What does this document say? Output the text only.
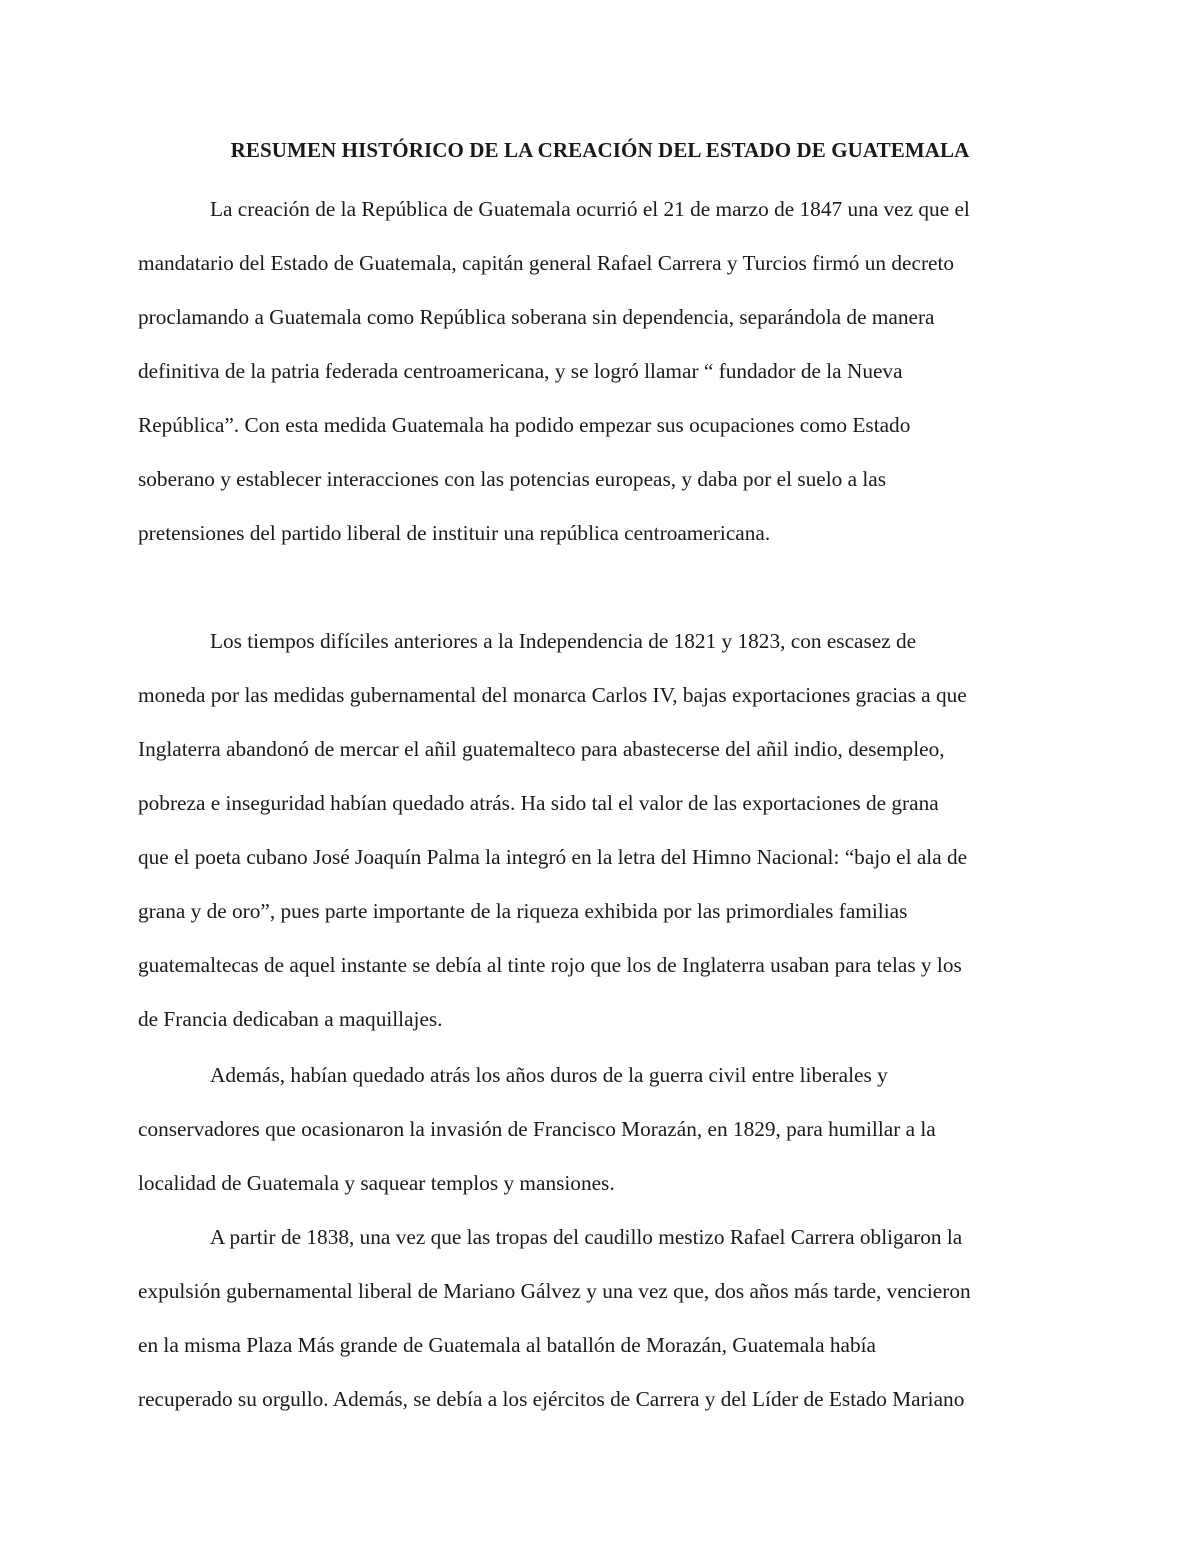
RESUMEN HISTÓRICO DE LA CREACIÓN DEL ESTADO DE GUATEMALA
La creación de la República de Guatemala ocurrió el 21 de marzo de 1847 una vez que el
mandatario del Estado de Guatemala, capitán general Rafael Carrera y Turcios firmó un decreto
proclamando a Guatemala como República soberana sin dependencia, separándola de manera
definitiva de la patria federada centroamericana, y se logró llamar “ fundador de la Nueva
República”. Con esta medida Guatemala ha podido empezar sus ocupaciones como Estado
soberano y establecer interacciones con las potencias europeas, y daba por el suelo a las
pretensiones del partido liberal de instituir una república centroamericana.
Los tiempos difíciles anteriores a la Independencia de 1821 y 1823, con escasez de
moneda por las medidas gubernamental del monarca Carlos IV, bajas exportaciones gracias a que
Inglaterra abandonó de mercar el añil guatemalteco para abastecerse del añil indio, desempleo,
pobreza e inseguridad habían quedado atrás. Ha sido tal el valor de las exportaciones de grana
que el poeta cubano José Joaquín Palma la integró en la letra del Himno Nacional: “bajo el ala de
grana y de oro”, pues parte importante de la riqueza exhibida por las primordiales familias
guatemaltecas de aquel instante se debía al tinte rojo que los de Inglaterra usaban para telas y los
de Francia dedicaban a maquillajes.
Además, habían quedado atrás los años duros de la guerra civil entre liberales y
conservadores que ocasionaron la invasión de Francisco Morazán, en 1829, para humillar a la
localidad de Guatemala y saquear templos y mansiones.
A partir de 1838, una vez que las tropas del caudillo mestizo Rafael Carrera obligaron la
expulsión gubernamental liberal de Mariano Gálvez y una vez que, dos años más tarde, vencieron
en la misma Plaza Más grande de Guatemala al batallón de Morazán, Guatemala había
recuperado su orgullo. Además, se debía a los ejércitos de Carrera y del Líder de Estado Mariano
